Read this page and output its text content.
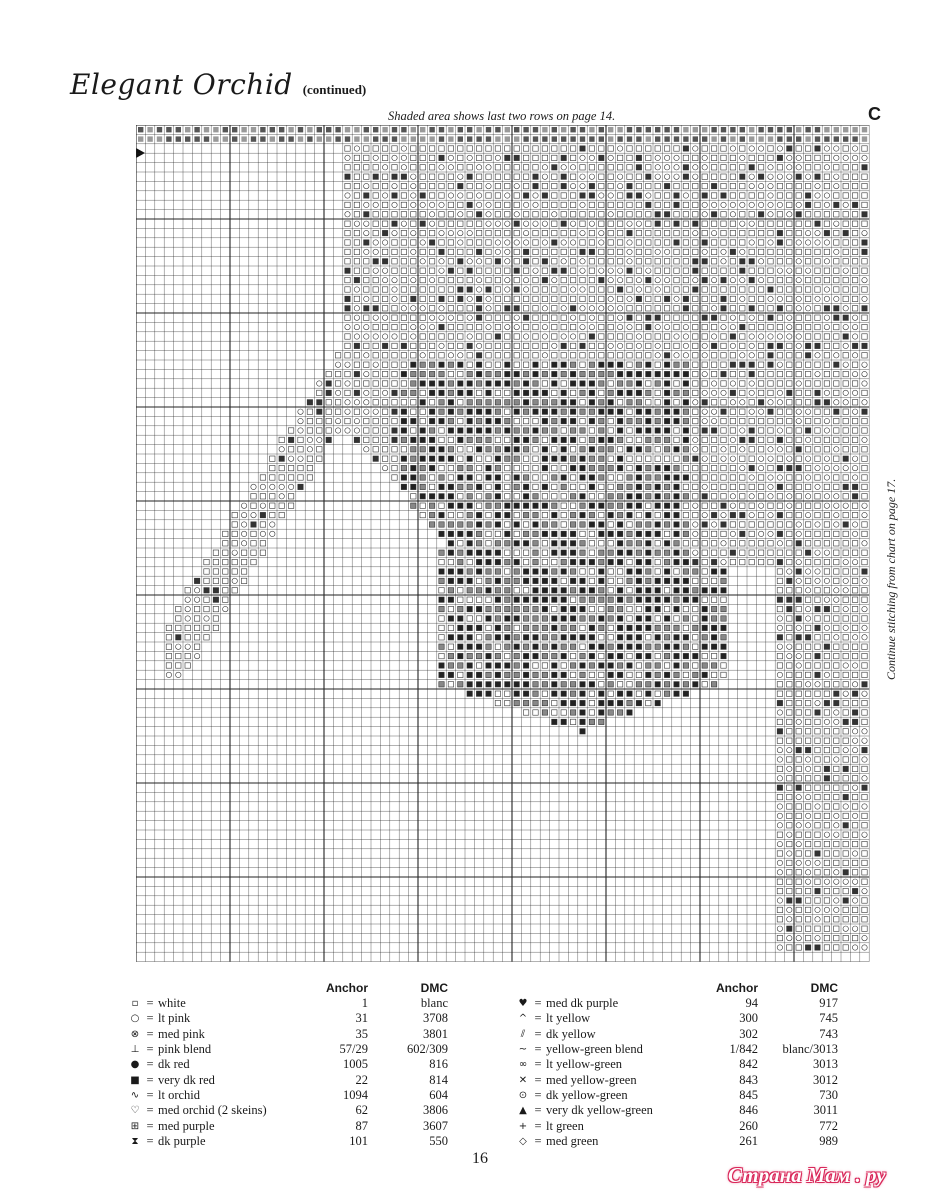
Elegant Orchid (continued)
Shaded area shows last two rows on page 14.	C
Continue stitching from chart on page 17.
Anchor	DMC
▫ = white	1	blanc
○ = lt pink	31	3708
⊗ = med pink	35	3801
⊥ = pink blend	57/29	602/309
● = dk red	1005	816
■ = very dk red	22	814
∿ = lt orchid	1094	604
♡ = med orchid (2 skeins)	62	3806
⊞ = med purple	87	3607
⧗ = dk purple	101	550
Anchor	DMC
♥ = med dk purple	94	917
^ = lt yellow	300	745
⫽ = dk yellow	302	743
~ = yellow-green blend	1/842	blanc/3013
∞ = lt yellow-green	842	3013
✕ = med yellow-green	843	3012
⊙ = dk yellow-green	845	730
▲ = very dk yellow-green	846	3011
+ = lt green	260	772
◇ = med green	261	989
16
Страна Мам . ру
